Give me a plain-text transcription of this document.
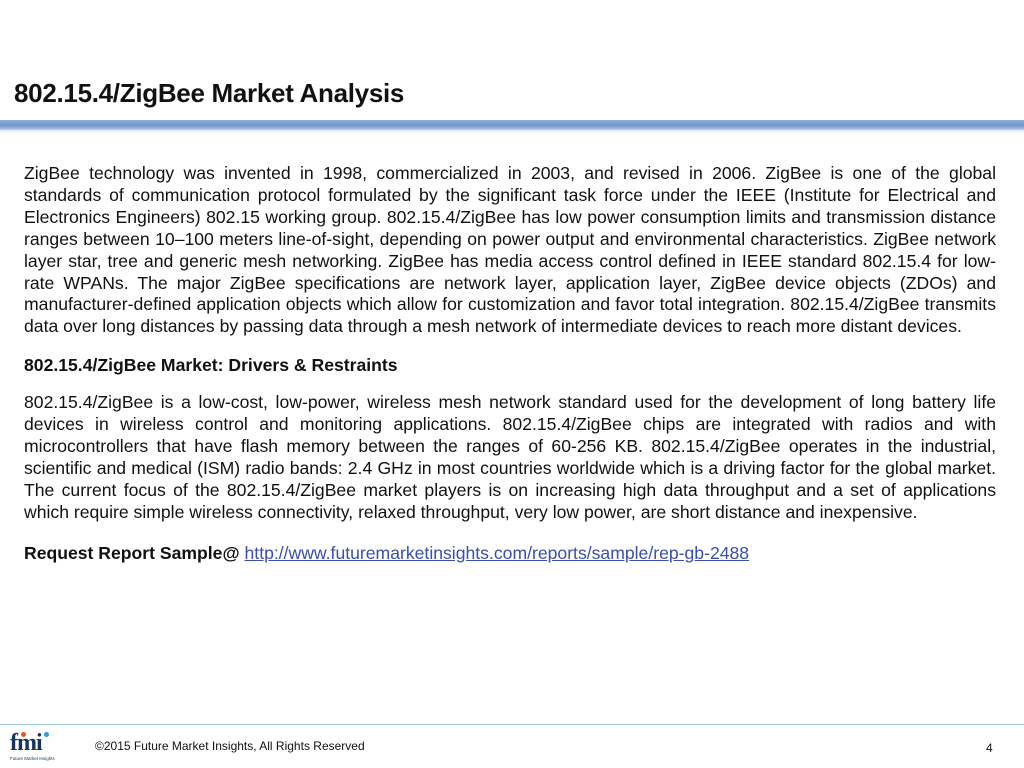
802.15.4/ZigBee Market Analysis

ZigBee technology was invented in 1998, commercialized in 2003, and revised in 2006. ZigBee is one of the global standards of communication protocol formulated by the significant task force under the IEEE (Institute for Electrical and Electronics Engineers) 802.15 working group. 802.15.4/ZigBee has low power consumption limits and transmission distance ranges between 10–100 meters line-of-sight, depending on power output and environmental characteristics. ZigBee network layer star, tree and generic mesh networking. ZigBee has media access control defined in IEEE standard 802.15.4 for low-rate WPANs. The major ZigBee specifications are network layer, application layer, ZigBee device objects (ZDOs) and manufacturer-defined application objects which allow for customization and favor total integration. 802.15.4/ZigBee transmits data over long distances by passing data through a mesh network of intermediate devices to reach more distant devices.

802.15.4/ZigBee Market: Drivers & Restraints

802.15.4/ZigBee is a low-cost, low-power, wireless mesh network standard used for the development of long battery life devices in wireless control and monitoring applications. 802.15.4/ZigBee chips are integrated with radios and with microcontrollers that have flash memory between the ranges of 60-256 KB. 802.15.4/ZigBee operates in the industrial, scientific and medical (ISM) radio bands: 2.4 GHz in most countries worldwide which is a driving factor for the global market. The current focus of the 802.15.4/ZigBee market players is on increasing high data throughput and a set of applications which require simple wireless connectivity, relaxed throughput, very low power, are short distance and inexpensive.

Request Report Sample@ http://www.futuremarketinsights.com/reports/sample/rep-gb-2488

fmi
Future Market Insights
©2015 Future Market Insights, All Rights Reserved	4
